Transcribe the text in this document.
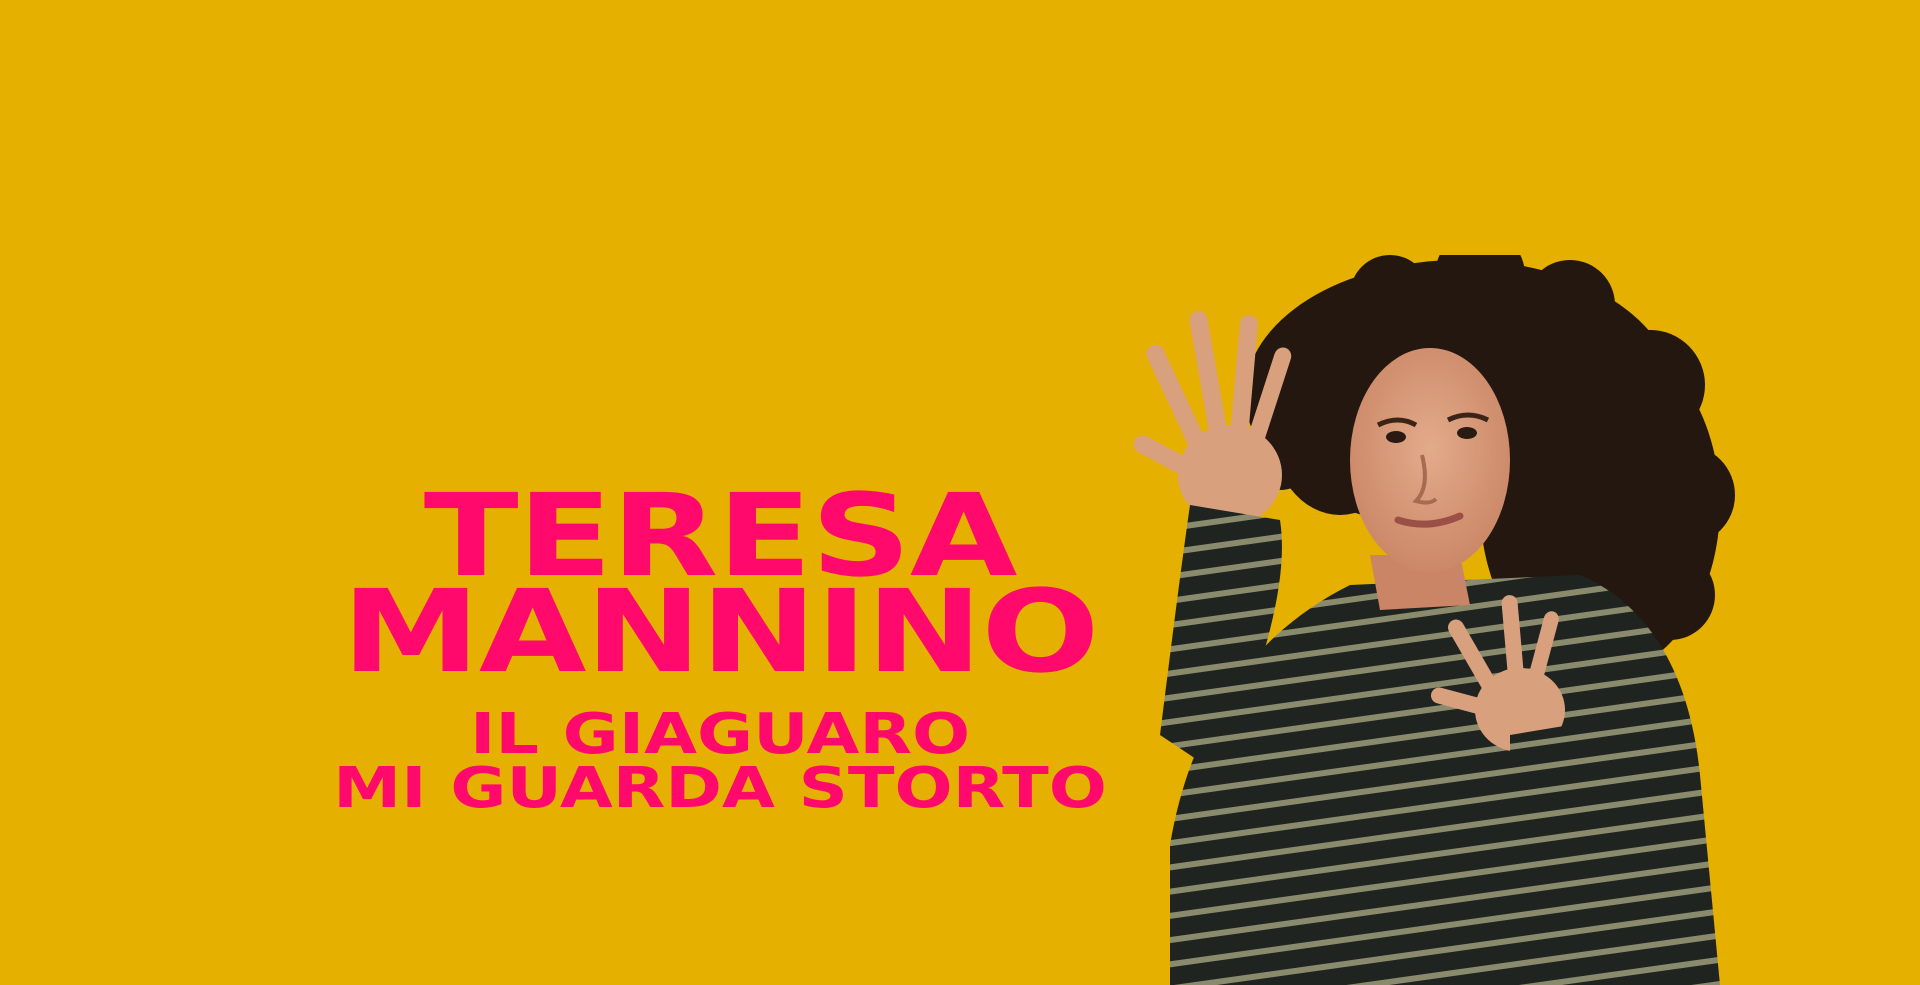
TERESA
MANNINO
IL GIAGUARO
MI GUARDA STORTO
